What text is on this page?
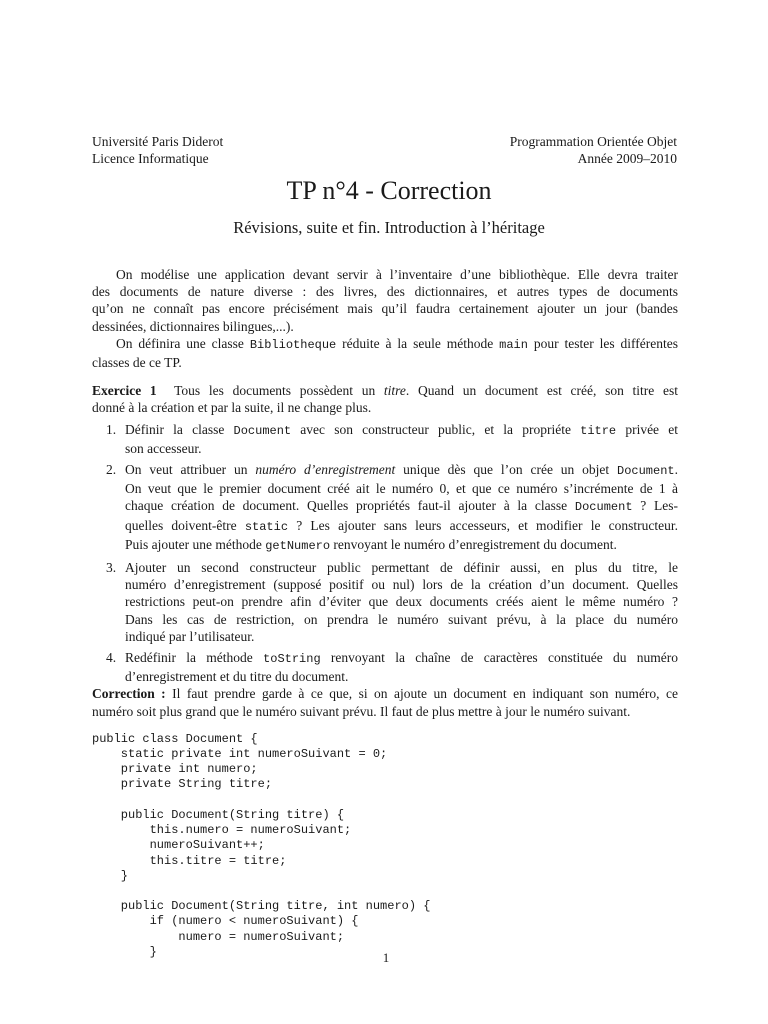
Université Paris Diderot
Licence Informatique
Programmation Orientée Objet
Année 2009–2010
TP n°4 - Correction
Révisions, suite et fin. Introduction à l’héritage

On modélise une application devant servir à l’inventaire d’une bibliothèque. Elle devra traiter
des documents de nature diverse : des livres, des dictionnaires, et autres types de documents
qu’on ne connaît pas encore précisément mais qu’il faudra certainement ajouter un jour (bandes
dessinées, dictionnaires bilingues,...).

On définira une classe Bibliotheque réduite à la seule méthode main pour tester les différentes
classes de ce TP.

Exercice 1 Tous les documents possèdent un titre. Quand un document est créé, son titre est
donné à la création et par la suite, il ne change plus.
1. Définir la classe Document avec son constructeur public, et la propriéte titre privée et
son accesseur.
2. On veut attribuer un numéro d’enregistrement unique dès que l’on crée un objet Document.
On veut que le premier document créé ait le numéro 0, et que ce numéro s’incrémente de 1 à
chaque création de document. Quelles propriétés faut-il ajouter à la classe Document ? Les-
quelles doivent-être static ? Les ajouter sans leurs accesseurs, et modifier le constructeur.
Puis ajouter une méthode getNumero renvoyant le numéro d’enregistrement du document.
3. Ajouter un second constructeur public permettant de définir aussi, en plus du titre, le
numéro d’enregistrement (supposé positif ou nul) lors de la création d’un document. Quelles
restrictions peut-on prendre afin d’éviter que deux documents créés aient le même numéro ?
Dans les cas de restriction, on prendra le numéro suivant prévu, à la place du numéro
indiqué par l’utilisateur.
4. Redéfinir la méthode toString renvoyant la chaîne de caractères constituée du numéro
d’enregistrement et du titre du document.
Correction : Il faut prendre garde à ce que, si on ajoute un document en indiquant son numéro, ce
numéro soit plus grand que le numéro suivant prévu. Il faut de plus mettre à jour le numéro suivant.
public class Document {
static private int numeroSuivant = 0;
private int numero;
private String titre;

public Document(String titre) {
this.numero = numeroSuivant;
numeroSuivant++;
this.titre = titre;
}

public Document(String titre, int numero) {
if (numero < numeroSuivant) {
numero = numeroSuivant;
}	1
